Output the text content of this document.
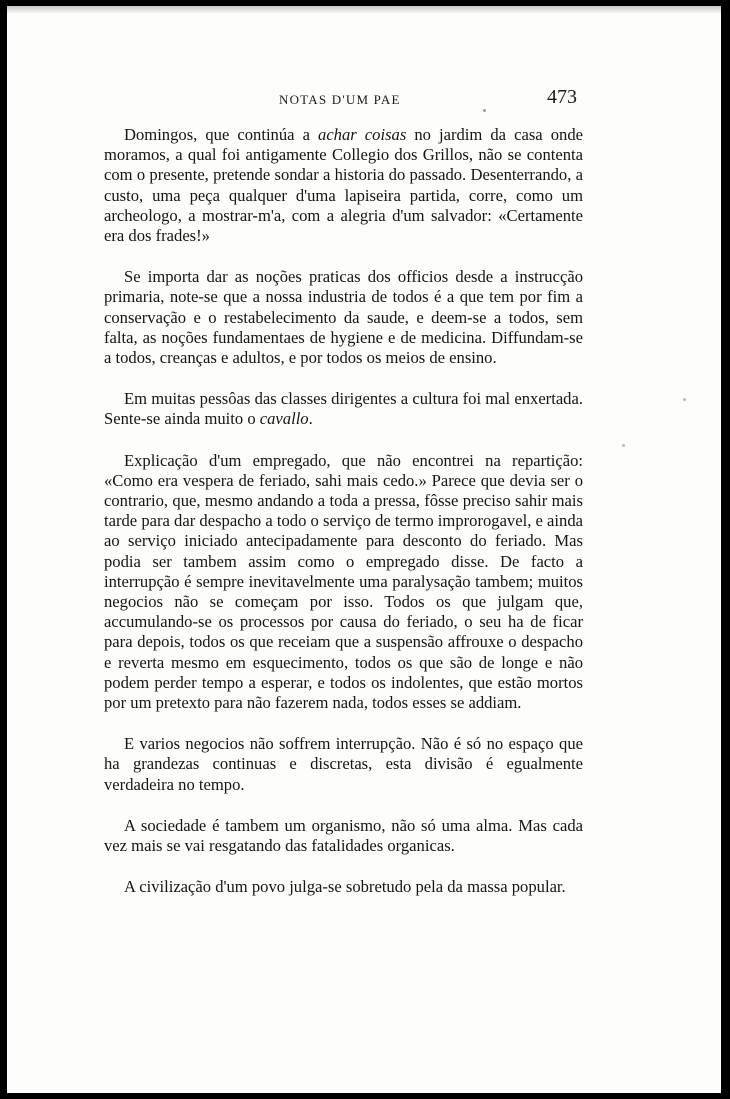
NOTAS D'UM PAE	473

Domingos, que continúa a achar coisas no jardim da casa onde moramos, a qual foi antigamente Collegio dos Grillos, não se contenta com o presente, pretende sondar a historia do passado. Desenterrando, a custo, uma peça qualquer d'uma lapiseira partida, corre, como um archeologo, a mostrar-m'a, com a alegria d'um salvador: «Certamente era dos frades!»

Se importa dar as noções praticas dos officios desde a instrucção primaria, note-se que a nossa industria de todos é a que tem por fim a conservação e o restabelecimento da saude, e deem-se a todos, sem falta, as noções fundamentaes de hygiene e de medicina. Diffundam-se a todos, creanças e adultos, e por todos os meios de ensino.

Em muitas pessôas das classes dirigentes a cultura foi mal enxertada. Sente-se ainda muito o cavallo.

Explicação d'um empregado, que não encontrei na repartição: «Como era vespera de feriado, sahi mais cedo.» Parece que devia ser o contrario, que, mesmo andando a toda a pressa, fôsse preciso sahir mais tarde para dar despacho a todo o serviço de termo improrogavel, e ainda ao serviço iniciado antecipadamente para desconto do feriado. Mas podia ser tambem assim como o empregado disse. De facto a interrupção é sempre inevitavelmente uma paralysação tambem; muitos negocios não se começam por isso. Todos os que julgam que, accumulando-se os processos por causa do feriado, o seu ha de ficar para depois, todos os que receiam que a suspensão affrouxe o despacho e reverta mesmo em esquecimento, todos os que são de longe e não podem perder tempo a esperar, e todos os indolentes, que estão mortos por um pretexto para não fazerem nada, todos esses se addiam.

E varios negocios não soffrem interrupção. Não é só no espaço que ha grandezas continuas e discretas, esta divisão é egualmente verdadeira no tempo.

A sociedade é tambem um organismo, não só uma alma. Mas cada vez mais se vai resgatando das fatalidades organicas.

A civilização d'um povo julga-se sobretudo pela da massa popular.
